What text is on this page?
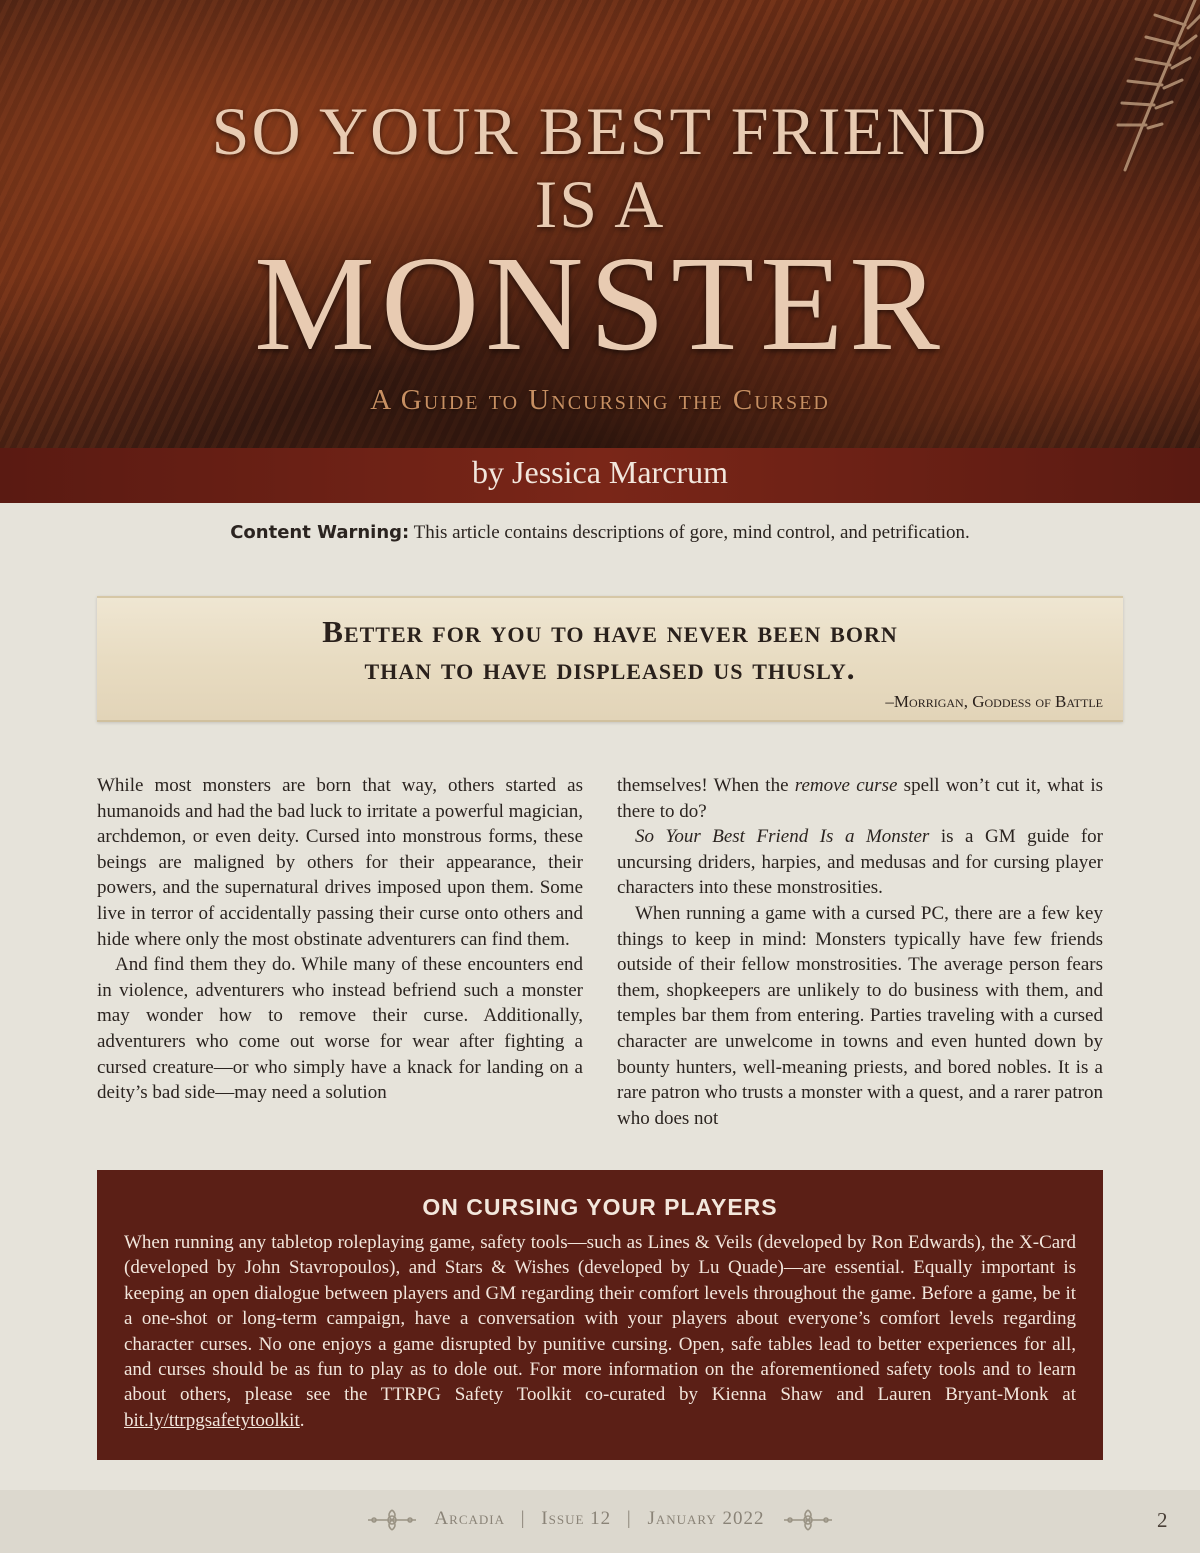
SO YOUR BEST FRIEND
IS A
MONSTER
A Guide to Uncursing the Cursed
by Jessica Marcrum
Content Warning: This article contains descriptions of gore, mind control, and petrification.
Better for you to have never been born
than to have displeased us thusly.
–Morrigan, Goddess of Battle

While most monsters are born that way, others started as humanoids and had the bad luck to irritate a powerful magician, archdemon, or even deity. Cursed into monstrous forms, these beings are maligned by others for their appearance, their powers, and the supernatural drives imposed upon them. Some live in terror of accidentally passing their curse onto others and hide where only the most obstinate adventurers can find them.

And find them they do. While many of these encounters end in violence, adventurers who instead befriend such a monster may wonder how to remove their curse. Additionally, adventurers who come out worse for wear after fighting a cursed creature—or who simply have a knack for landing on a deity’s bad side—may need a solution

themselves! When the remove curse spell won’t cut it, what is there to do?

So Your Best Friend Is a Monster is a GM guide for uncursing driders, harpies, and medusas and for cursing player characters into these monstrosities.

When running a game with a cursed PC, there are a few key things to keep in mind: Monsters typically have few friends outside of their fellow monstrosities. The average person fears them, shopkeepers are unlikely to do business with them, and temples bar them from entering. Parties traveling with a cursed character are unwelcome in towns and even hunted down by bounty hunters, well-meaning priests, and bored nobles. It is a rare patron who trusts a monster with a quest, and a rarer patron who does not

ON CURSING YOUR PLAYERS
When running any tabletop roleplaying game, safety tools—such as Lines & Veils (developed by Ron Edwards), the X-Card (developed by John Stavropoulos), and Stars & Wishes (developed by Lu Quade)—are essential. Equally important is keeping an open dialogue between players and GM regarding their comfort levels throughout the game. Before a game, be it a one-shot or long-term campaign, have a conversation with your players about everyone’s comfort levels regarding character curses. No one enjoys a game disrupted by punitive cursing. Open, safe tables lead to better experiences for all, and curses should be as fun to play as to dole out. For more information on the aforementioned safety tools and to learn about others, please see the TTRPG Safety Toolkit co-curated by Kienna Shaw and Lauren Bryant-Monk at bit.ly/ttrpgsafetytoolkit.
Arcadia | Issue 12 | January 2022	2
